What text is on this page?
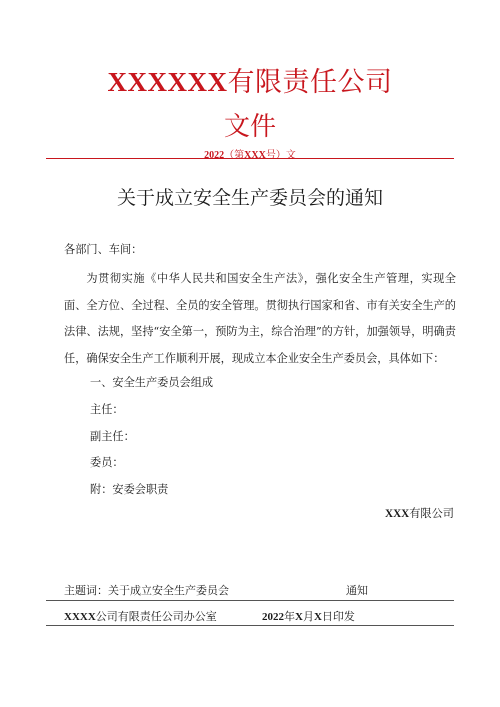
XXXXXX有限责任公司
文件
2022（第XXX号）文
关于成立安全生产委员会的通知
各部门、车间：
为贯彻实施《中华人民共和国安全生产法》，强化安全生产管理，实现全面、全方位、全过程、全员的安全管理。贯彻执行国家和省、市有关安全生产的法律、法规，坚持“安全第一，预防为主，综合治理”的方针，加强领导，明确责任，确保安全生产工作顺利开展，现成立本企业安全生产委员会，具体如下：
一、安全生产委员会组成
主任：
副主任：
委员：
附：安委会职责
XXX有限公司
主题词：关于成立安全生产委员会	通知
XXXX公司有限责任公司办公室	2022年X月X日印发
